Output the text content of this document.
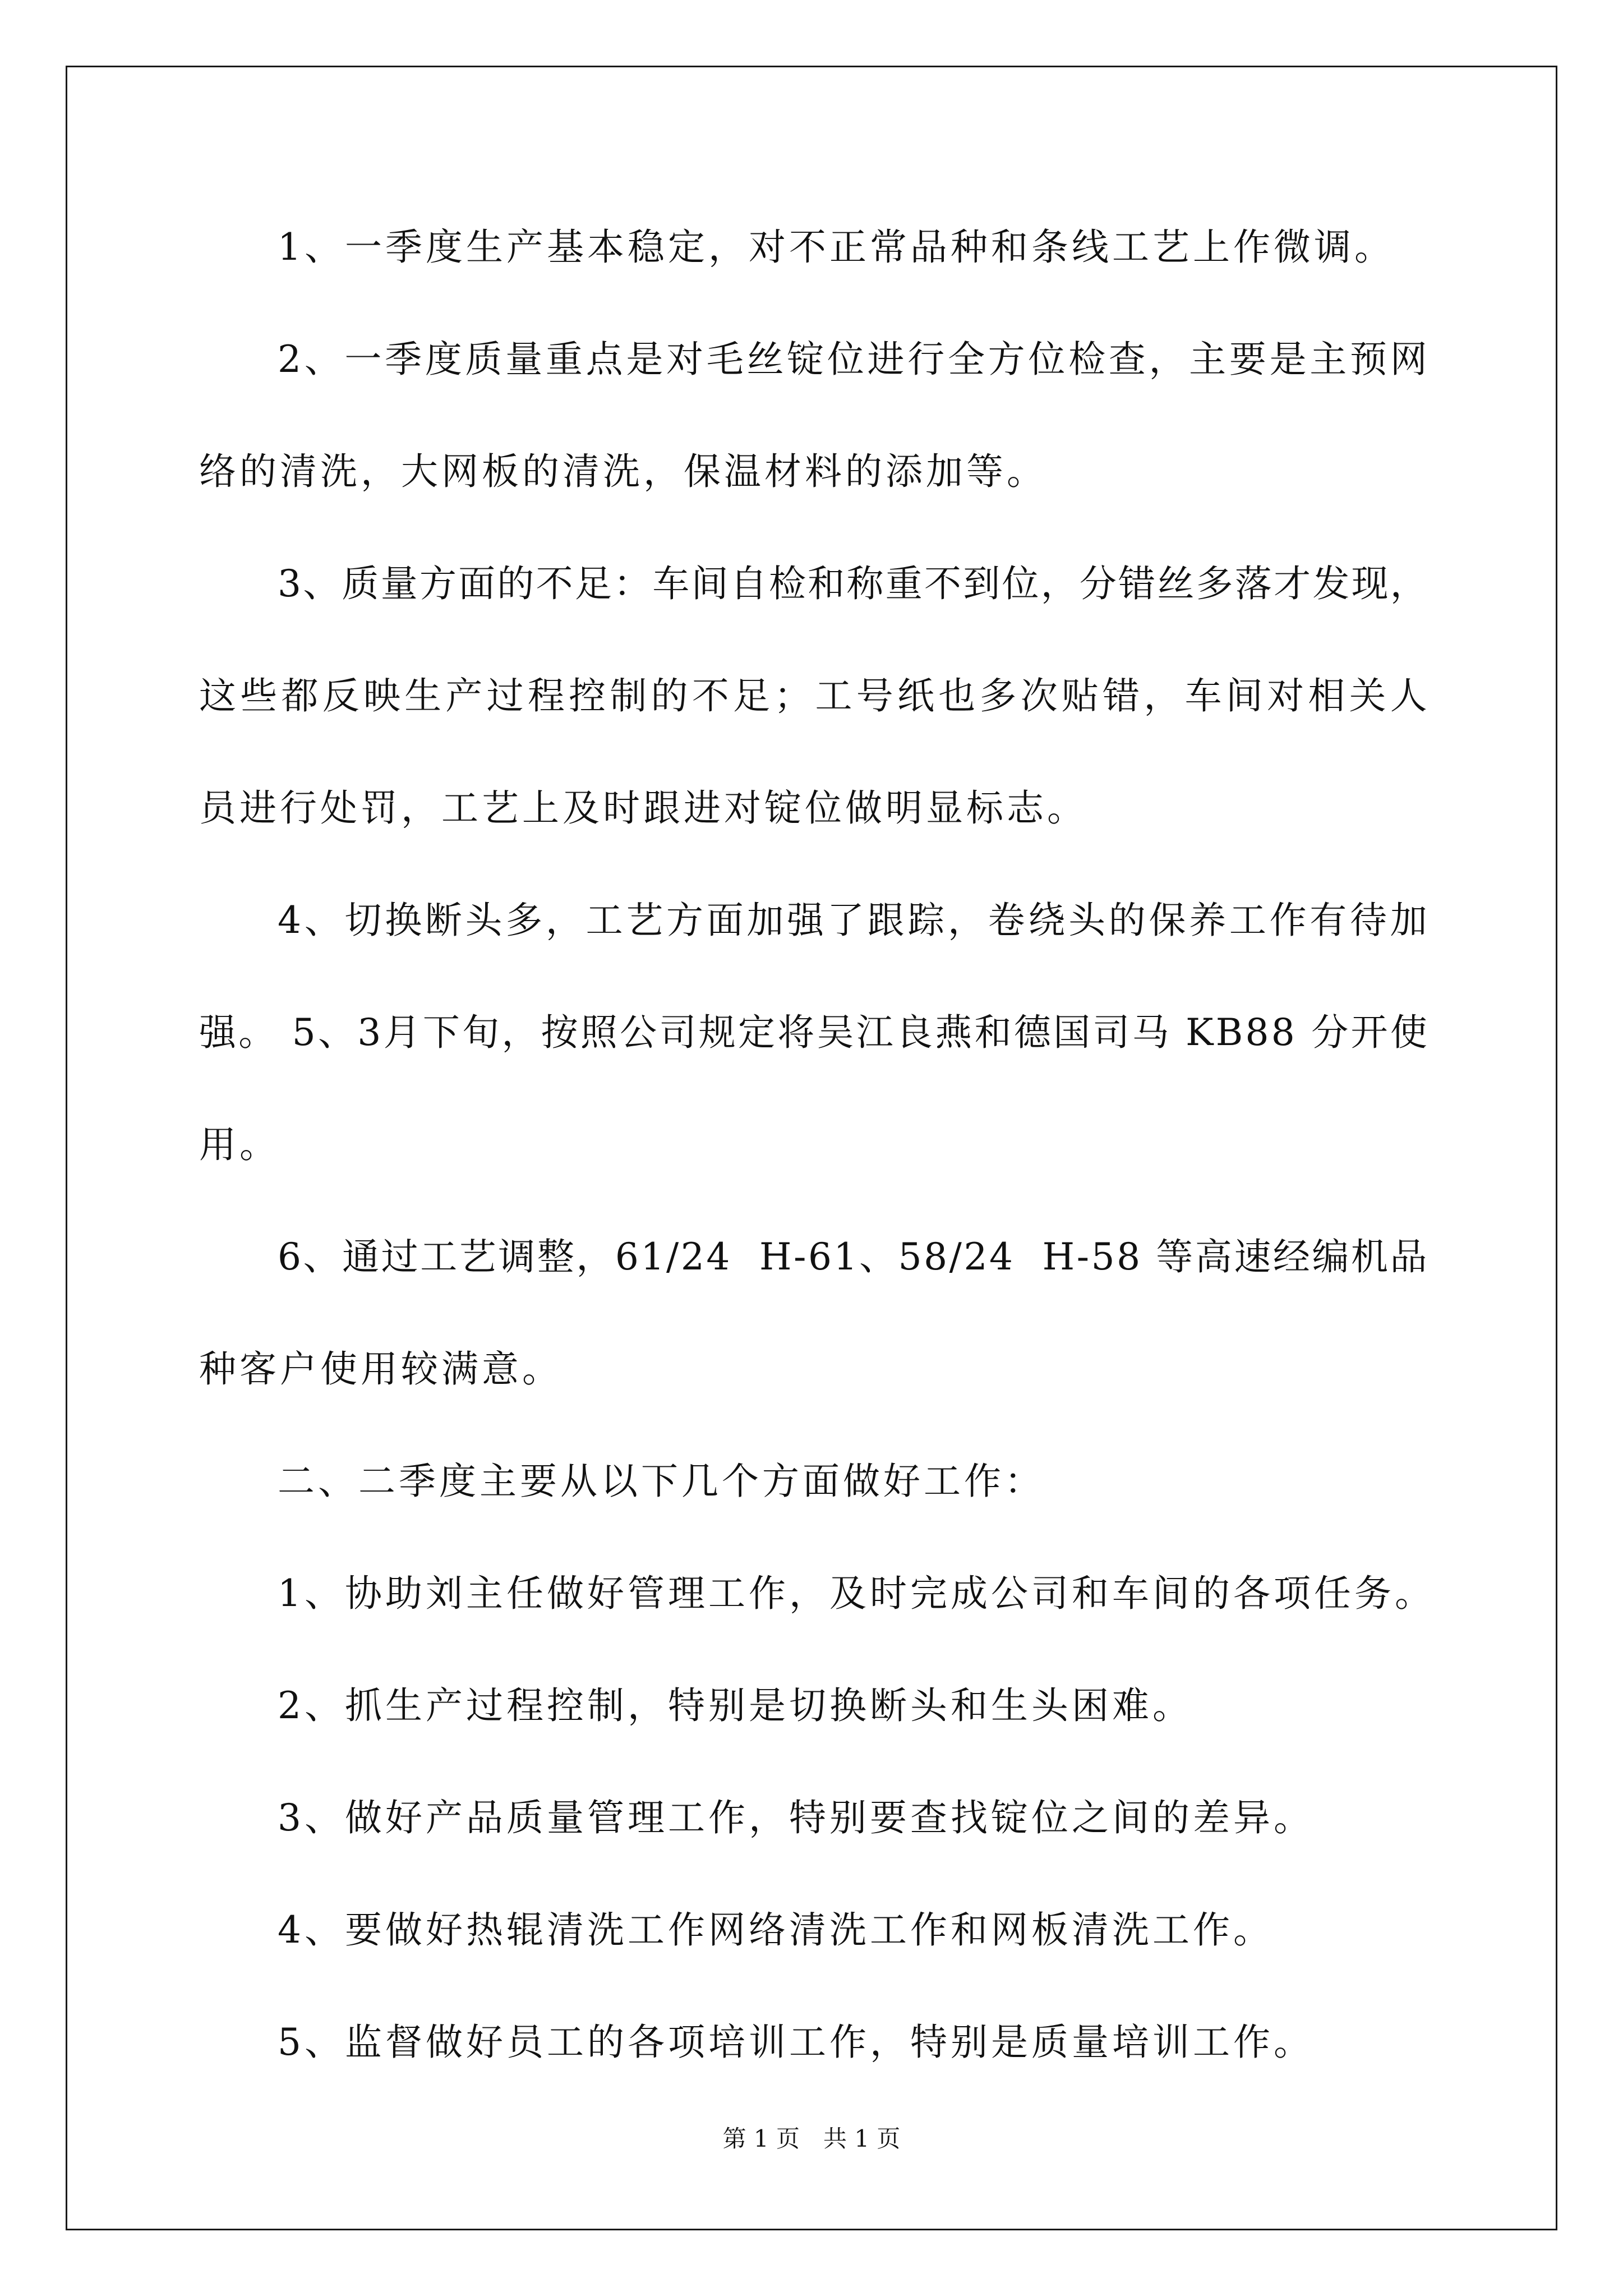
1、一季度生产基本稳定，对不正常品种和条线工艺上作微调。
2 、 一 季 度 质 量 重 点 是 对 毛 丝 锭 位 进 行 全 方 位 检 查 ， 主 要 是 主 预 网
络的清洗，大网板的清洗，保温材料的添加等。
3 、 质 量 方 面 的 不 足 ： 车 间 自 检 和 称 重 不 到 位 ， 分 错 丝 多 落 才 发 现 ，
这 些 都 反 映 生 产 过 程 控 制 的 不 足 ； 工 号 纸 也 多 次 贴 错 ， 车 间 对 相 关 人
员进行处罚，工艺上及时跟进对锭位做明显标志。
4 、 切 换 断 头 多 ， 工 艺 方 面 加 强 了 跟 踪 ， 卷 绕 头 的 保 养 工 作 有 待 加
强 。
5 、 3 月 下 旬 ， 按 照 公 司 规 定 将 吴 江 良 燕 和 德 国 司 马
K B 8 8
分 开 使
用。
6 、 通 过 工 艺 调 整 ， 6 1 / 2 4

H - 6 1 、 5 8 / 2 4

H - 5 8
等 高 速 经 编 机 品
种客户使用较满意。
二、二季度主要从以下几个方面做好工作：
1、协助刘主任做好管理工作，及时完成公司和车间的各项任务。
2、抓生产过程控制，特别是切换断头和生头困难。
3、做好产品质量管理工作，特别要查找锭位之间的差异。
4、要做好热辊清洗工作网络清洗工作和网板清洗工作。
5、监督做好员工的各项培训工作，特别是质量培训工作。
第 1 页　共 1 页
